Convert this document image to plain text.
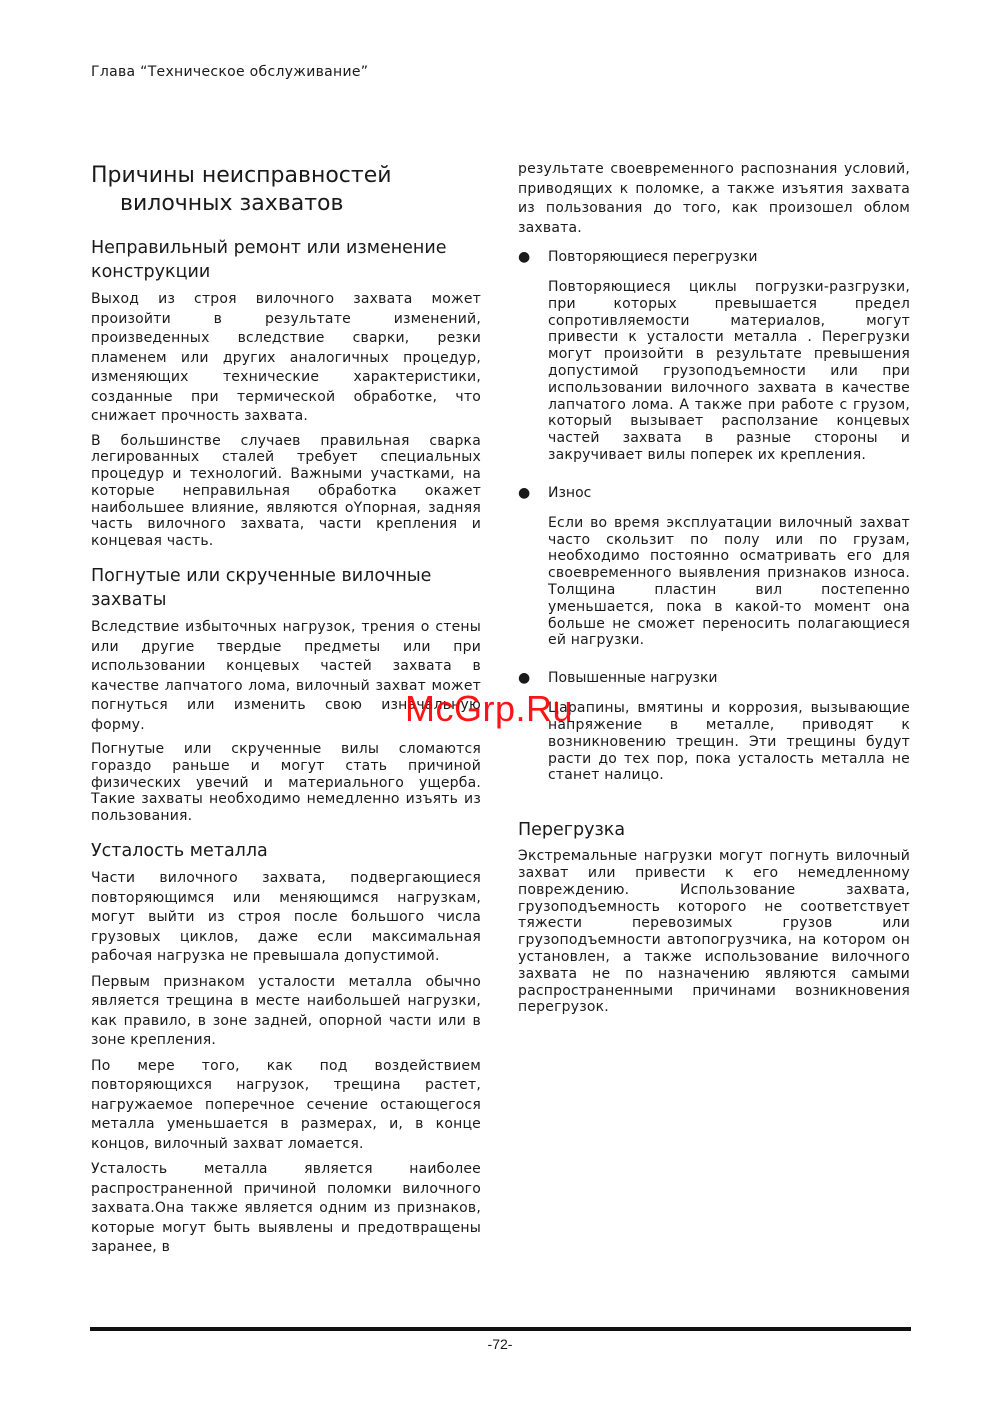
Глава “Техническое обслуживание”
Причины неисправностей
вилочных захватов
Неправильный ремонт или изменение конструкции

Выход из строя вилочного захвата может произойти в результате изменений, произведенных вследствие сварки, резки пламенем или других аналогичных процедур, изменяющих технические характеристики, созданные при термической обработке, что снижает прочность захвата.

В большинстве случаев правильная сварка легированных сталей требует специальных процедур и технологий. Важными участками, на которые неправильная обработка окажет наибольшее влияние, являются оYпорная, задняя часть вилочного захвата, части крепления и концевая часть.

Погнутые или скрученные вилочные захваты

Вследствие избыточных нагрузок, трения о стены или другие твердые предметы или при использовании концевых частей захвата в качестве лапчатого лома, вилочный захват может погнуться или изменить свою изначальную форму.

Погнутые или скрученные вилы сломаются гораздо раньше и могут стать причиной физических увечий и материального ущерба. Такие захваты необходимо немедленно изъять из пользования.

Усталость металла

Части вилочного захвата, подвергающиеся повторяющимся или меняющимся нагрузкам, могут выйти из строя после большого числа грузовых циклов, даже если максимальная рабочая нагрузка не превышала допустимой.

Первым признаком усталости металла обычно является трещина в месте наибольшей нагрузки, как правило, в зоне задней, опорной части или в зоне крепления.

По мере того, как под воздействием повторяющихся нагрузок, трещина растет, нагружаемое поперечное сечение остающегося металла уменьшается в размерах, и, в конце концов, вилочный захват ломается.

Усталость металла является наиболее распространенной причиной поломки вилочного захвата.Она также является одним из признаков, которые могут быть выявлены и предотвращены заранее, в

результате своевременного распознания условий, приводящих к поломке, а также изъятия захвата из пользования до того, как произошел облом захвата.

● Повторяющиеся перегрузки

Повторяющиеся циклы погрузки-разгрузки, при которых превышается предел сопротивляемости материалов, могут привести к усталости металла . Перегрузки могут произойти в результате превышения допустимой грузоподъемности или при использовании вилочного захвата в качестве лапчатого лома. А также при работе с грузом, который вызывает расползание концевых частей захвата в разные стороны и закручивает вилы поперек их крепления.

● Износ

Если во время эксплуатации вилочный захват часто скользит по полу или по грузам, необходимо постоянно осматривать его для своевременного выявления признаков износа. Толщина пластин вил постепенно уменьшается, пока в какой-то момент она больше не сможет переносить полагающиеся ей нагрузки.

● Повышенные нагрузки

Царапины, вмятины и коррозия, вызывающие напряжение в металле, приводят к возникновению трещин. Эти трещины будут расти до тех пор, пока усталость металла не станет налицо.

Перегрузка

Экстремальные нагрузки могут погнуть вилочный захват или привести к его немедленному повреждению. Использование захвата, грузоподъемность которого не соответствует тяжести перевозимых грузов или грузоподъемности автопогрузчика, на котором он установлен, а также использование вилочного захвата не по назначению являются самыми распространенными причинами возникновения перегрузок.

McGrp.Ru
-72-
